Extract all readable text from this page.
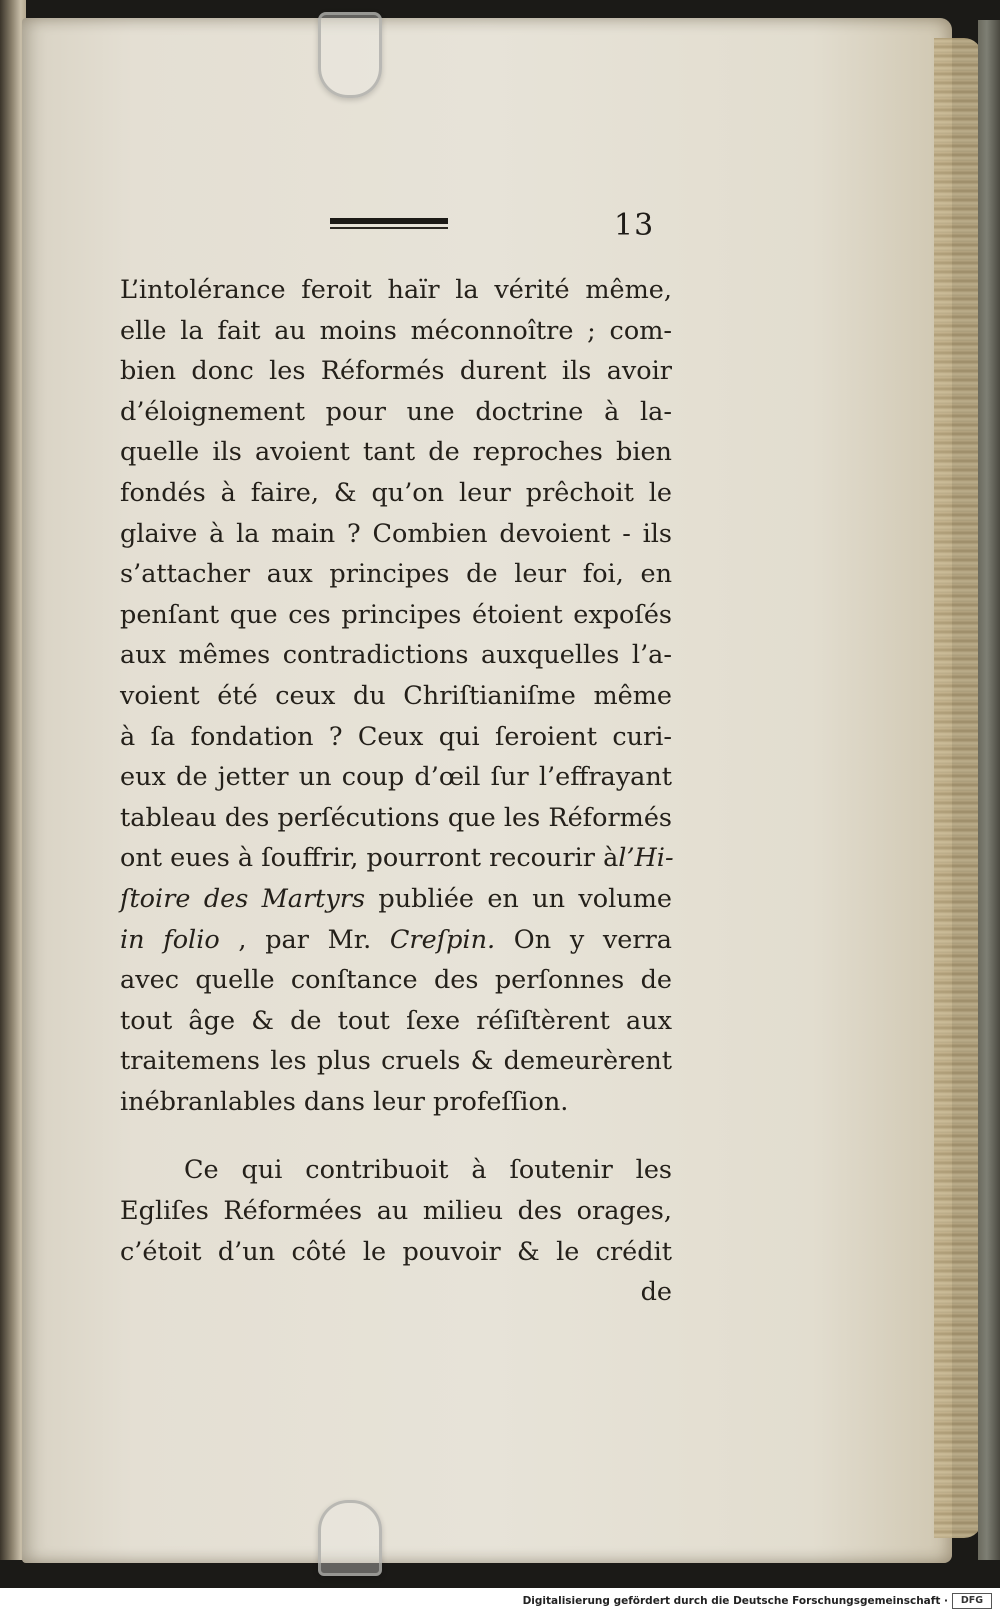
13
L’intolérance feroit haïr la vérité même,
elle la fait au moins méconnoître ; com-
bien donc les Réformés durent ils avoir
d’éloignement pour une doctrine à la-
quelle ils avoient tant de reproches bien
fondés à faire, & qu’on leur prêchoit le
glaive à la main ? Combien devoient - ils
s’attacher aux principes de leur foi, en
penſant que ces principes étoient expoſés
aux mêmes contradictions auxquelles l’a-
voient été ceux du Chriſtianiſme même
à ſa fondation ? Ceux qui ſeroient curi-
eux de jetter un coup d’œil ſur l’effrayant
tableau des perſécutions que les Réformés
ont eues à ſouffrir, pourront recourir àl’Hi-
ſtoire des Martyrs publiée en un volume
in folio , par Mr. Creſpin. On y verra
avec quelle conſtance des perſonnes de
tout âge & de tout ſexe réſiſtèrent aux
traitemens les plus cruels & demeurèrent
inébranlables dans leur profeſſion.
Ce qui contribuoit à ſoutenir les
Egliſes Réformées au milieu des orages,
c’étoit d’un côté le pouvoir & le crédit
de
Digitalisierung gefördert durch die Deutsche Forschungsgemeinschaft ·	DFG
